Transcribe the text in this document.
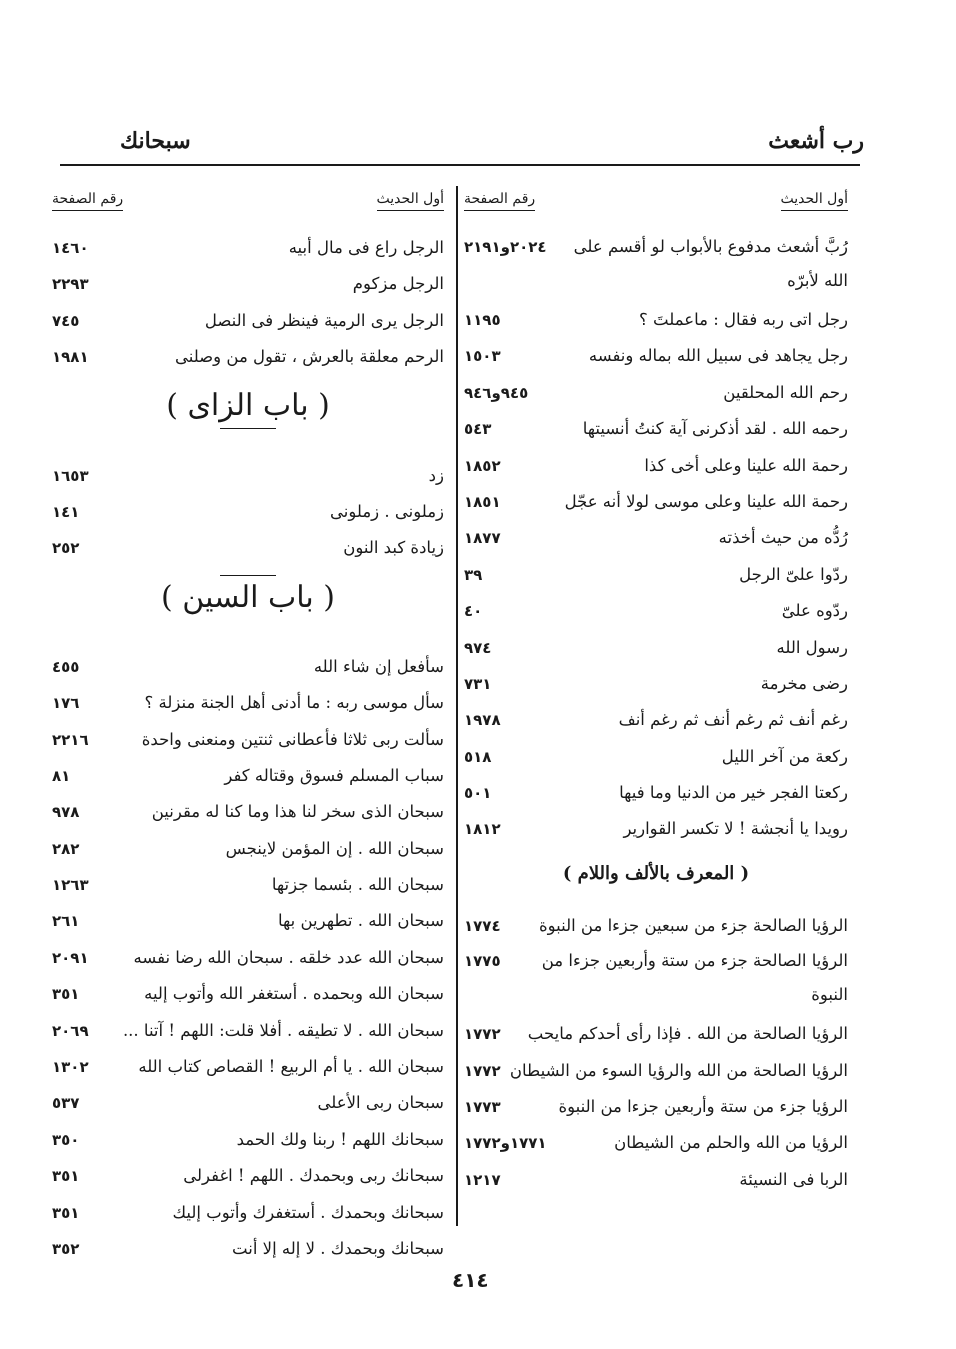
رب أشعث
سبحانك
أول الحديث
رقم الصفحة
رُبَّ أشعث مدفوع بالأبواب لو أقسم على الله لأبرّه
٢٠٢٤و٢١٩١
رجل اتى ربه فقال : ماعملتَ ؟
١١٩٥
رجل يجاهد فى سبيل الله بماله ونفسه
١٥٠٣
رحم الله المحلقين
٩٤٥و٩٤٦
رحمه الله . لقد أذكرنى آية كنتُ أنسيتها
٥٤٣
رحمة الله علينا وعلى أخى كذا
١٨٥٢
رحمة الله علينا وعلى موسى لولا أنه عجّل
١٨٥١
رُدُّه من حيث أخذته
١٨٧٧
ردّوا علىّ الرجل
٣٩
ردّوه علىّ
٤٠
رسول الله
٩٧٤
رضى مخرمة
٧٣١
رغم أنف ثم رغم أنف ثم رغم أنف
١٩٧٨
ركعة من آخر الليل
٥١٨
ركعتا الفجر خير من الدنيا وما فيها
٥٠١
رويدا يا أنجشة ! لا تكسر القوارير
١٨١٢
( المعرف بالألف واللام )
الرؤيا الصالحة جزء من سبعين جزءا من النبوة
١٧٧٤
الرؤيا الصالحة جزء من ستة وأربعين جزءا من النبوة
١٧٧٥
الرؤيا الصالحة من الله . فإذا رأى أحدكم مايحب
١٧٧٢
الرؤيا الصالحة من الله والرؤيا السوء من الشيطان
١٧٧٢
الرؤيا جزء من ستة وأربعين جزءا من النبوة
١٧٧٣
الرؤيا من الله والحلم من الشيطان
١٧٧١و١٧٧٢
الربا فى النسيئة
١٢١٧
أول الحديث
رقم الصفحة
الرجل راع فى مال أبيه
١٤٦٠
الرجل مزكوم
٢٢٩٣
الرجل يرى الرمية فينظر فى النصل
٧٤٥
الرحم معلقة بالعرش ، تقول من وصلنى
١٩٨١
( باب الزاى )
زد
١٦٥٣
زملونى . زملونى
١٤١
زيادة كبد النون
٢٥٢
( باب السين )
سأفعل إن شاء الله
٤٥٥
سأل موسى ربه : ما أدنى أهل الجنة منزلة ؟
١٧٦
سألت ربى ثلاثا فأعطانى ثنتين ومنعنى واحدة
٢٢١٦
سباب المسلم فسوق وقتاله كفر
٨١
سبحان الذى سخر لنا هذا وما كنا له مقرنين
٩٧٨
سبحان الله . إن المؤمن لاينجس
٢٨٢
سبحان الله . بئسما جزتها
١٢٦٣
سبحان الله . تطهرين بها
٢٦١
سبحان الله عدد خلقه . سبحان الله رضا نفسه
٢٠٩١
سبحان الله وبحمده . أستغفر الله وأتوب إليه
٣٥١
سبحان الله . لا تطيقه . أفلا قلت: اللهم ! آتنا ...
٢٠٦٩
سبحان الله . يا أم الربيع ! القصاص كتاب الله
١٣٠٢
سبحان ربى الأعلى
٥٣٧
سبحانك اللهم ! ربنا ولك الحمد
٣٥٠
سبحانك ربى وبحمدك . اللهم ! اغفرلى
٣٥١
سبحانك وبحمدك . أستغفرك وأتوب إليك
٣٥١
سبحانك وبحمدك . لا إله إلا أنت
٣٥٢
٤١٤
